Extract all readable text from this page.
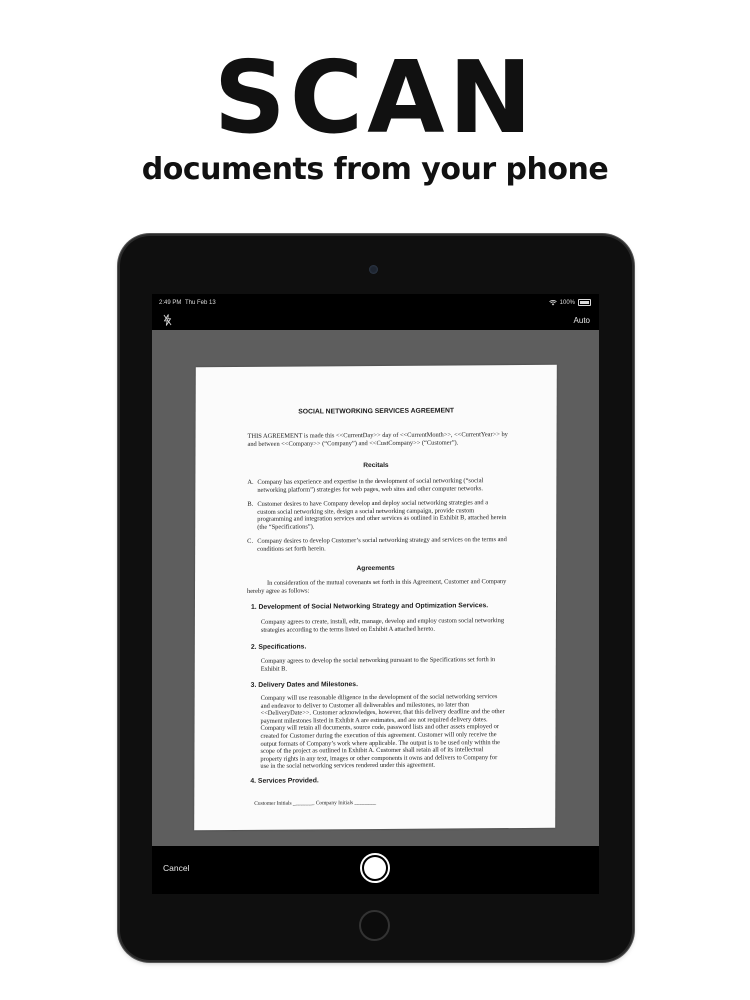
SCAN
documents from your phone
2:49 PM Thu Feb 13	100%
Auto
SOCIAL NETWORKING SERVICES AGREEMENT
THIS AGREEMENT is made this <<CurrentDay>> day of <<CurrentMonth>>, <<CurrentYear>> by and between <<Company>> (“Company”) and <<CustCompany>> (“Customer”).
Recitals
A. Company has experience and expertise in the development of social networking (“social networking platform”) strategies for web pages, web sites and other computer networks.
B. Customer desires to have Company develop and deploy social networking strategies and a custom social networking site, design a social networking campaign, provide custom programming and integration services and other services as outlined in Exhibit B, attached herein (the “Specifications”).
C. Company desires to develop Customer’s social networking strategy and services on the terms and conditions set forth herein.
Agreements
In consideration of the mutual covenants set forth in this Agreement, Customer and Company hereby agree as follows:
1. Development of Social Networking Strategy and Optimization Services.
Company agrees to create, install, edit, manage, develop and employ custom social networking strategies according to the terms listed on Exhibit A attached hereto.
2. Specifications.
Company agrees to develop the social networking pursuant to the Specifications set forth in Exhibit B.
3. Delivery Dates and Milestones.
Company will use reasonable diligence in the development of the social networking services and endeavor to deliver to Customer all deliverables and milestones, no later than <<DeliveryDate>>. Customer acknowledges, however, that this delivery deadline and the other payment milestones listed in Exhibit A are estimates, and are not required delivery dates. Company will retain all documents, source code, password lists and other assets employed or created for Customer during the execution of this agreement. Customer will only receive the output formats of Company’s work where applicable. The output is to be used only within the scope of the project as outlined in Exhibit A. Customer shall retain all of its intellectual property rights in any text, images or other components it owns and delivers to Company for use in the social networking services rendered under this agreement.
4. Services Provided.
Customer Initials ________ Company Initials ________
Cancel
